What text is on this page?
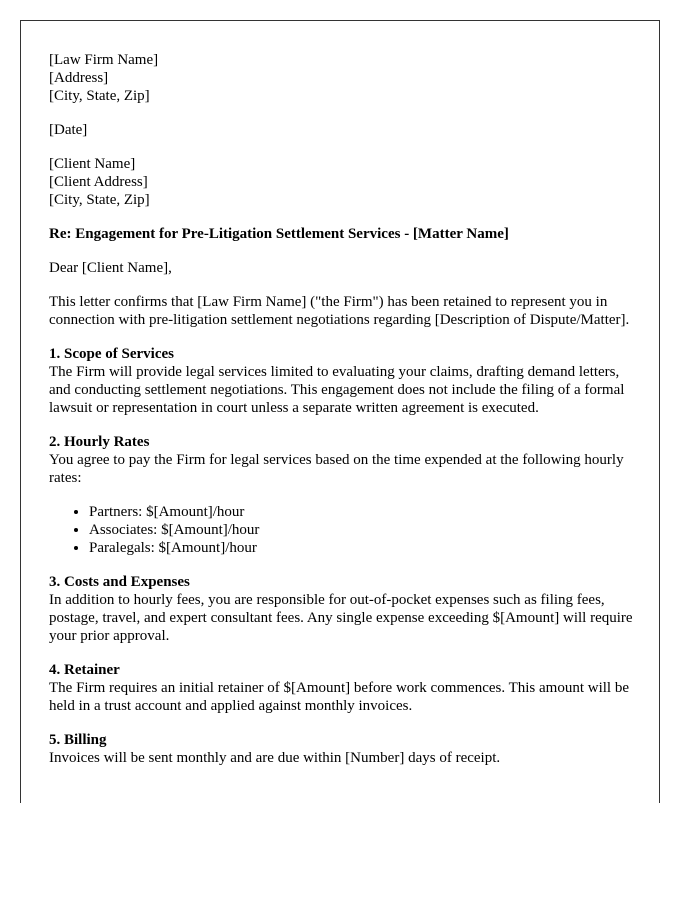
[Law Firm Name]
[Address]
[City, State, Zip]
[Date]
[Client Name]
[Client Address]
[City, State, Zip]
Re: Engagement for Pre-Litigation Settlement Services - [Matter Name]

Dear [Client Name],

This letter confirms that [Law Firm Name] ("the Firm") has been retained to represent you in connection with pre-litigation settlement negotiations regarding [Description of Dispute/Matter].

1. Scope of Services
The Firm will provide legal services limited to evaluating your claims, drafting demand letters, and conducting settlement negotiations. This engagement does not include the filing of a formal lawsuit or representation in court unless a separate written agreement is executed.
2. Hourly Rates
You agree to pay the Firm for legal services based on the time expended at the following hourly rates:
• Partners: $[Amount]/hour
• Associates: $[Amount]/hour
• Paralegals: $[Amount]/hour
3. Costs and Expenses
In addition to hourly fees, you are responsible for out-of-pocket expenses such as filing fees, postage, travel, and expert consultant fees. Any single expense exceeding $[Amount] will require your prior approval.
4. Retainer
The Firm requires an initial retainer of $[Amount] before work commences. This amount will be held in a trust account and applied against monthly invoices.
5. Billing
Invoices will be sent monthly and are due within [Number] days of receipt.
